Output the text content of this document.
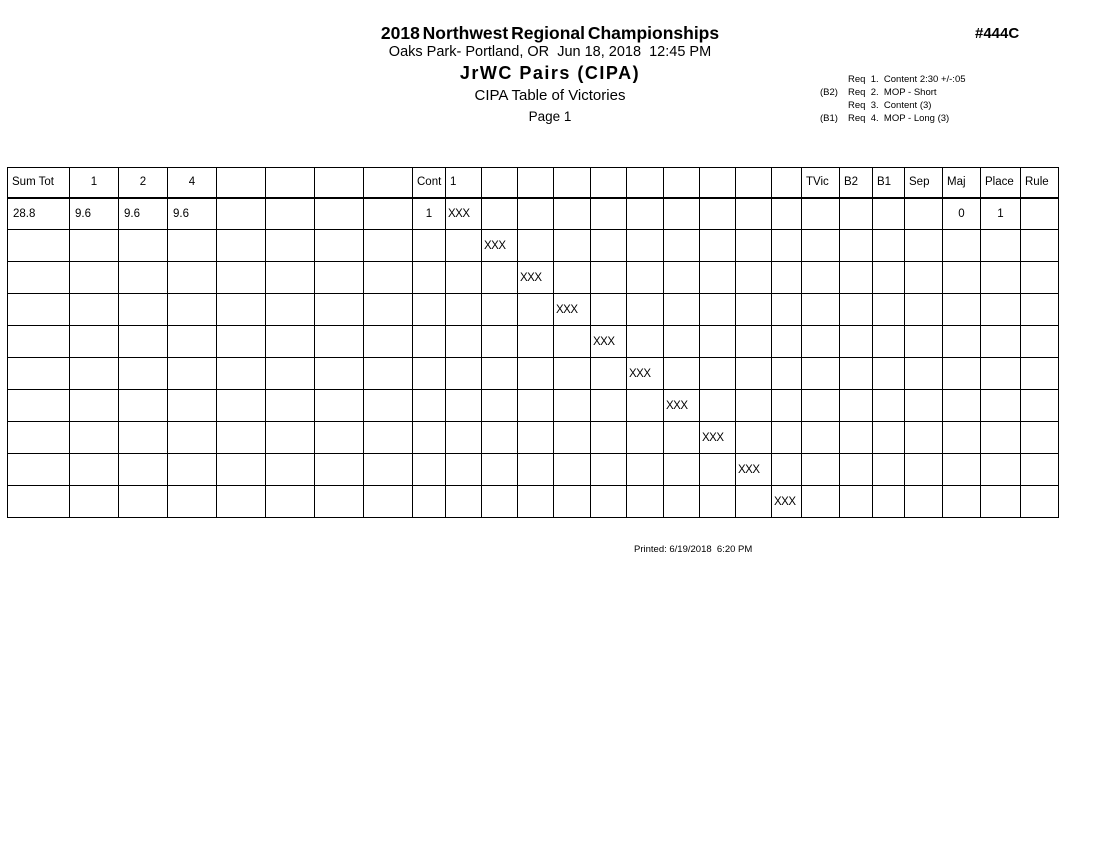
2018 Northwest Regional Championships
Oaks Park- Portland, OR  Jun 18, 2018  12:45 PM
JrWC Pairs (CIPA)
CIPA Table of Victories
Page 1
#444C
Req  1.  Content 2:30 +/-:05
(B2)	Req  2.  MOP - Short
Req  3.  Content (3)
(B1)	Req  4.  MOP - Long (3)
Sum Tot	1	2	4					Cont	1										TVic	B2	B1	Sep	Maj	Place	Rule
28.8	9.6	9.6	9.6					1	XXX														0	1	
										XXX															
											XXX														
												XXX													
													XXX												
														XXX											
															XXX										
																XXX									
																	XXX								
																		XXX							
Printed: 6/19/2018  6:20 PM
